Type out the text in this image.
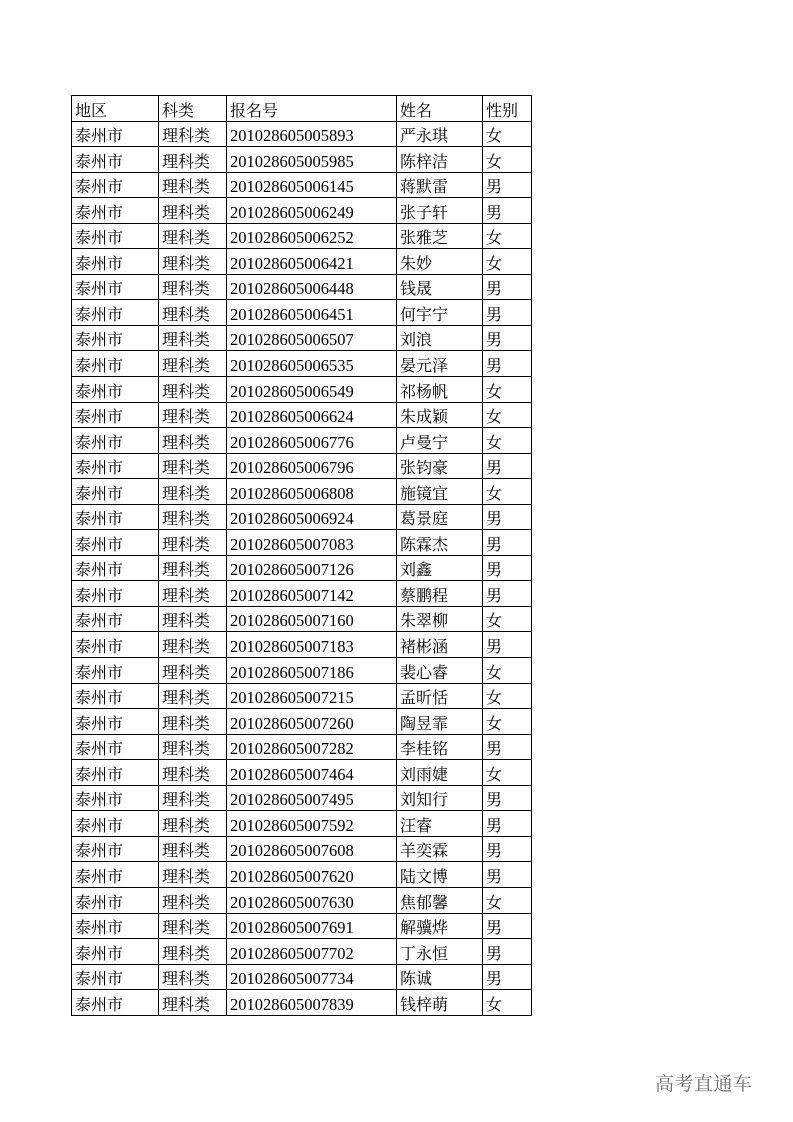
地区	科类	报名号	姓名	性别
泰州市	理科类	201028605005893	严永琪	女
泰州市	理科类	201028605005985	陈梓洁	女
泰州市	理科类	201028605006145	蒋默雷	男
泰州市	理科类	201028605006249	张子轩	男
泰州市	理科类	201028605006252	张雅芝	女
泰州市	理科类	201028605006421	朱妙	女
泰州市	理科类	201028605006448	钱晟	男
泰州市	理科类	201028605006451	何宇宁	男
泰州市	理科类	201028605006507	刘浪	男
泰州市	理科类	201028605006535	晏元泽	男
泰州市	理科类	201028605006549	祁杨帆	女
泰州市	理科类	201028605006624	朱成颖	女
泰州市	理科类	201028605006776	卢曼宁	女
泰州市	理科类	201028605006796	张钧豪	男
泰州市	理科类	201028605006808	施镜宜	女
泰州市	理科类	201028605006924	葛景庭	男
泰州市	理科类	201028605007083	陈霖杰	男
泰州市	理科类	201028605007126	刘鑫	男
泰州市	理科类	201028605007142	蔡鹏程	男
泰州市	理科类	201028605007160	朱翠柳	女
泰州市	理科类	201028605007183	褚彬涵	男
泰州市	理科类	201028605007186	裴心睿	女
泰州市	理科类	201028605007215	孟昕恬	女
泰州市	理科类	201028605007260	陶昱霏	女
泰州市	理科类	201028605007282	李桂铭	男
泰州市	理科类	201028605007464	刘雨婕	女
泰州市	理科类	201028605007495	刘知行	男
泰州市	理科类	201028605007592	汪睿	男
泰州市	理科类	201028605007608	羊奕霖	男
泰州市	理科类	201028605007620	陆文博	男
泰州市	理科类	201028605007630	焦郁馨	女
泰州市	理科类	201028605007691	解骥烨	男
泰州市	理科类	201028605007702	丁永恒	男
泰州市	理科类	201028605007734	陈诚	男
泰州市	理科类	201028605007839	钱梓萌	女
高考直通车
